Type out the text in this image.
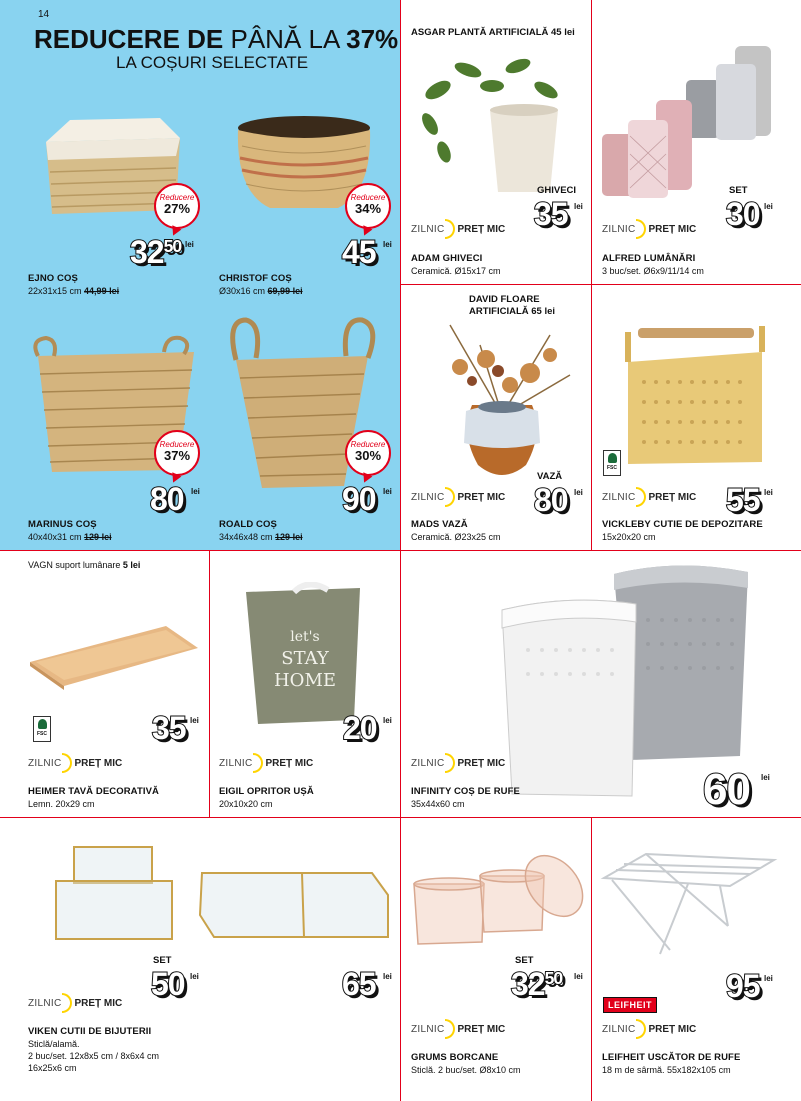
14
REDUCERE DE PÂNĂ LA 37%
LA COȘURI SELECTATE
Reducere
27%
$32^{50}$ lei
EJNO COȘ
22x31x15 cm 44,99 lei
Reducere
34%
45 lei
CHRISTOF COȘ
Ø30x16 cm 69,99 lei
Reducere
37%
80 lei
MARINUS COȘ
40x40x31 cm 129 lei
Reducere
30%
90 lei
ROALD COȘ
34x46x48 cm 129 lei
ASGAR PLANTĂ ARTIFICIALĂ 45 lei
GHIVECI
35 lei
ZILNIC PREȚ MIC
ADAM GHIVECI
Ceramică. Ø15x17 cm
SET
30 lei
ZILNIC PREȚ MIC
ALFRED LUMÂNĂRI
3 buc/set. Ø6x9/11/14 cm
DAVID FLOARE
ARTIFICIALĂ 65 lei
VAZĂ
80 lei
ZILNIC PREȚ MIC
MADS VAZĂ
Ceramică. Ø23x25 cm
FSC
55 lei
ZILNIC PREȚ MIC
VICKLEBY CUTIE DE DEPOZITARE
15x20x20 cm
VAGN suport lumânare 5 lei
FSC	35 lei
ZILNIC PREȚ MIC
HEIMER TAVĂ DECORATIVĂ
Lemn. 20x29 cm
let's
STAY
HOME
20 lei
ZILNIC PREȚ MIC
EIGIL OPRITOR UȘĂ
20x10x20 cm	60 lei
ZILNIC PREȚ MIC
INFINITY COȘ DE RUFE
35x44x60 cm
SET
50 lei	65 lei
ZILNIC PREȚ MIC
VIKEN CUTII DE BIJUTERII
Sticlă/alamă.
2 buc/set. 12x8x5 cm / 8x6x4 cm
16x25x6 cm
SET
$32^{50}$ lei
ZILNIC PREȚ MIC
GRUMS BORCANE
Sticlă. 2 buc/set. Ø8x10 cm
LEIFHEIT
95 lei
ZILNIC PREȚ MIC
LEIFHEIT USCĂTOR DE RUFE
18 m de sârmă. 55x182x105 cm
